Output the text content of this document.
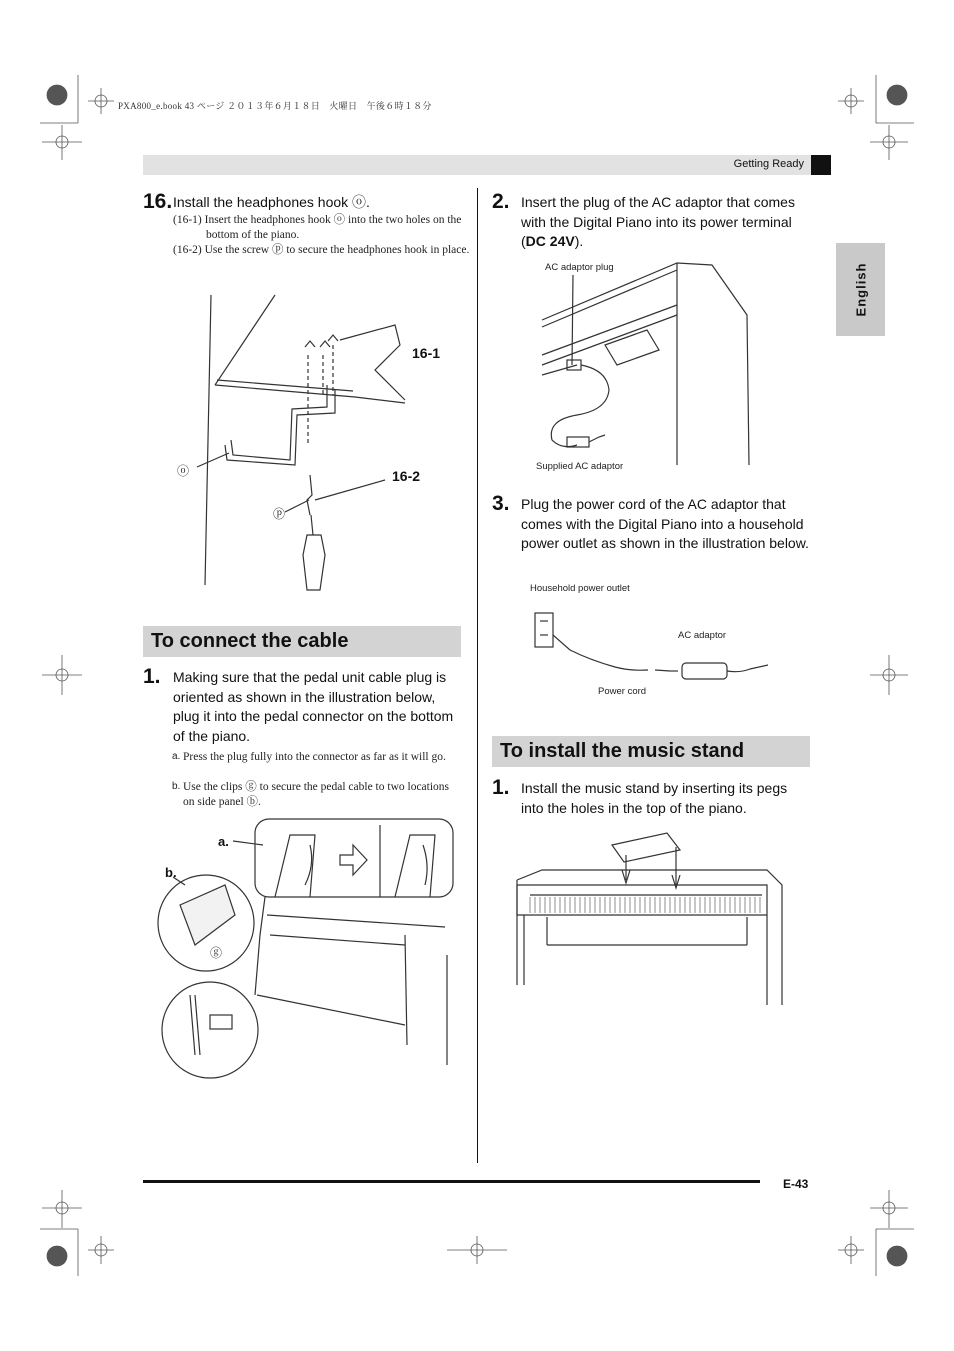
PXA800_e.book 43 ページ ２０１３年６月１８日　火曜日　午後６時１８分
Getting Ready
English
16. Install the headphones hook ⓞ.
(16-1) Insert the headphones hook ⓞ into the two holes on the bottom of the piano.
(16-2) Use the screw ⓟ to secure the headphones hook in place.
16-1
16-2
ⓞ
ⓟ
To connect the cable
1. Making sure that the pedal unit cable plug is oriented as shown in the illustration below, plug it into the pedal connector on the bottom of the piano.
a. Press the plug fully into the connector as far as it will go.
b. Use the clips ⓖ to secure the pedal cable to two locations on side panel ⓑ.
a.
b.
ⓖ
2. Insert the plug of the AC adaptor that comes with the Digital Piano into its power terminal (DC 24V).
AC adaptor plug
Supplied AC adaptor
3. Plug the power cord of the AC adaptor that comes with the Digital Piano into a household power outlet as shown in the illustration below.
Household power outlet
AC adaptor
Power cord
To install the music stand
1. Install the music stand by inserting its pegs into the holes in the top of the piano.
E-43
